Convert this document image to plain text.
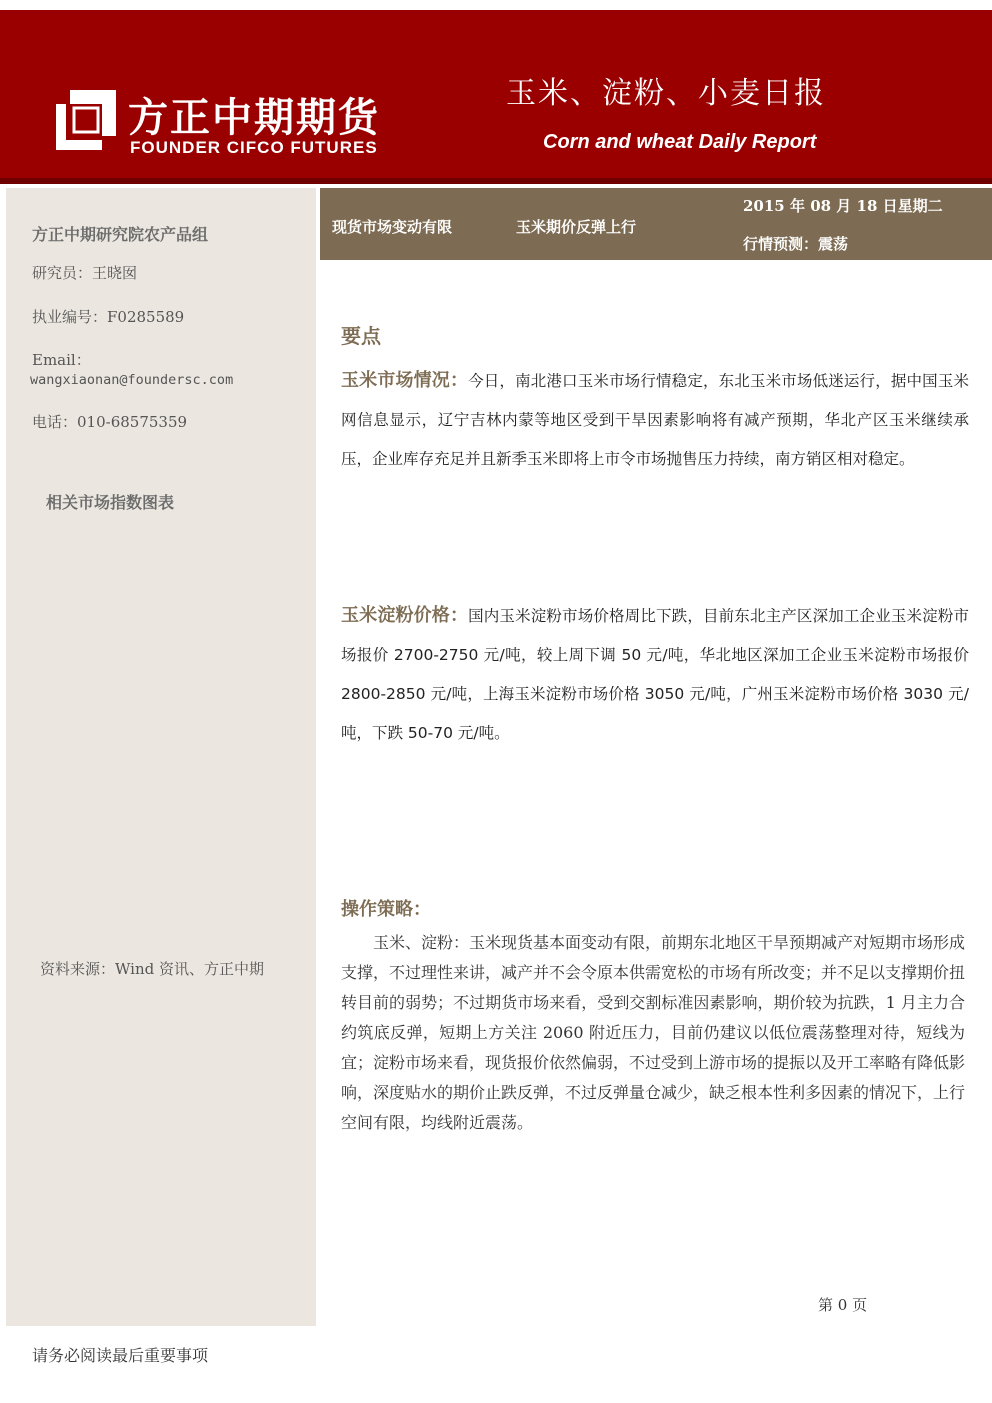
方正中期期货
FOUNDER CIFCO FUTURES
玉米、淀粉、小麦日报
Corn and wheat Daily Report
方正中期研究院农产品组
研究员：王晓囡
执业编号：F0285589
Email：
wangxiaonan@foundersc.com
电话：010-68575359
相关市场指数图表
资料来源：Wind 资讯、方正中期
现货市场变动有限	玉米期价反弹上行
2015 年 08 月 18 日星期二
行情预测：震荡
要点
玉米市场情况：今日，南北港口玉米市场行情稳定，东北玉米市场低迷运行，据中国玉米网信息显示，辽宁吉林内蒙等地区受到干旱因素影响将有减产预期，华北产区玉米继续承压，企业库存充足并且新季玉米即将上市令市场抛售压力持续，南方销区相对稳定。
玉米淀粉价格：国内玉米淀粉市场价格周比下跌，目前东北主产区深加工企业玉米淀粉市场报价 2700-2750 元/吨，较上周下调 50 元/吨，华北地区深加工企业玉米淀粉市场报价 2800-2850 元/吨，上海玉米淀粉市场价格 3050 元/吨，广州玉米淀粉市场价格 3030 元/吨，下跌 50-70 元/吨。
操作策略：
玉米、淀粉：玉米现货基本面变动有限，前期东北地区干旱预期减产对短期市场形成支撑，不过理性来讲，减产并不会令原本供需宽松的市场有所改变；并不足以支撑期价扭转目前的弱势；不过期货市场来看，受到交割标准因素影响，期价较为抗跌，1 月主力合约筑底反弹，短期上方关注 2060 附近压力，目前仍建议以低位震荡整理对待，短线为宜；淀粉市场来看，现货报价依然偏弱，不过受到上游市场的提振以及开工率略有降低影响，深度贴水的期价止跌反弹，不过反弹量仓减少，缺乏根本性利多因素的情况下，上行空间有限，均线附近震荡。
第 0 页
请务必阅读最后重要事项
